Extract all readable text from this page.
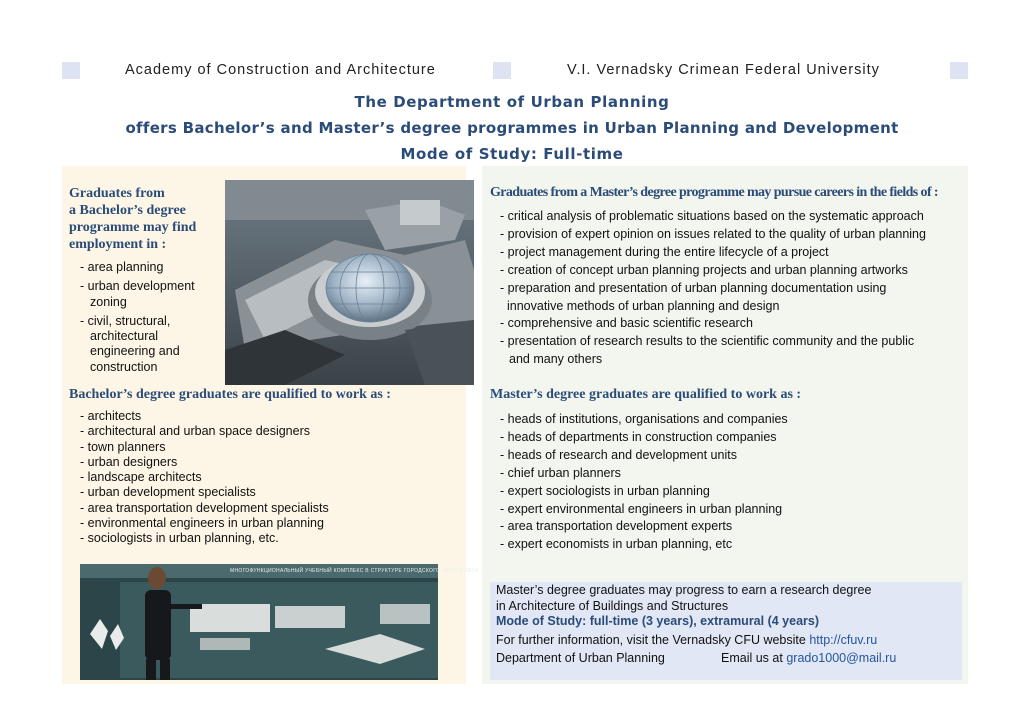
Academy of Construction and Architecture	V.I. Vernadsky Crimean Federal University
The Department of Urban Planning
offers Bachelor’s and Master’s degree programmes in Urban Planning and Development
Mode of Study: Full-time
Graduates from
a Bachelor’s degree
programme may find
employment in :
- area planning
- urban development
zoning
- civil, structural,
architectural
engineering and
construction
Bachelor’s degree graduates are qualified to work as :
- architects
- architectural and urban space designers
- town planners
- urban designers
- landscape architects
- urban development specialists
- area transportation development specialists
- environmental engineers in urban planning
- sociologists in urban planning, etc.
МНОГОФУНКЦИОНАЛЬНЫЙ УЧЕБНЫЙ КОМПЛЕКС В СТРУКТУРЕ ГОРОДСКОГО ОКРУГА ЯЛТА
Graduates from a Master’s degree programme may pursue careers in the fields of :
- critical analysis of problematic situations based on the systematic approach
- provision of expert opinion on issues related to the quality of urban planning
- project management during the entire lifecycle of a project
- creation of concept urban planning projects and urban planning artworks
- preparation and presentation of urban planning documentation using
innovative methods of urban planning and design
- comprehensive and basic scientific research
- presentation of research results to the scientific community and the public
and many others
Master’s degree graduates are qualified to work as :
- heads of institutions, organisations and companies
- heads of departments in construction companies
- heads of research and development units
- chief urban planners
- expert sociologists in urban planning
- expert environmental engineers in urban planning
- area transportation development experts
- expert economists in urban planning, etc
Master’s degree graduates may progress to earn a research degree
in Architecture of Buildings and Structures
Mode of Study: full-time (3 years), extramural (4 years)
For further information, visit the Vernadsky CFU website http://cfuv.ru
Department of Urban Planning	Email us at grado1000@mail.ru
